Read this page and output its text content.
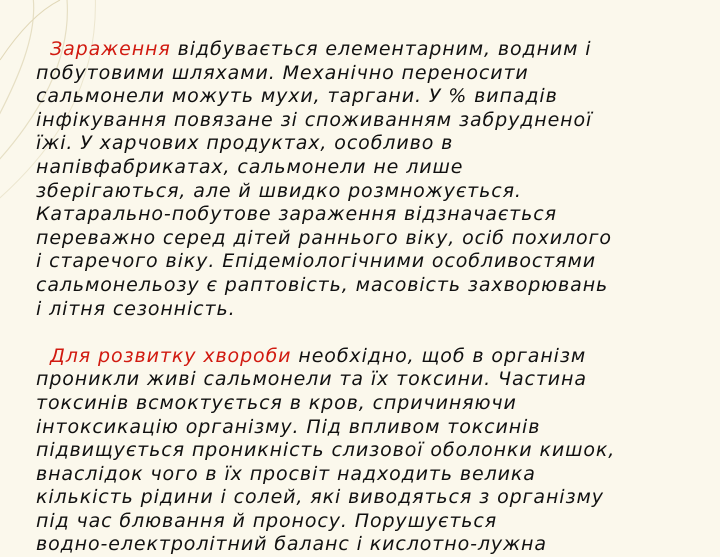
Зараження відбувається елементарним, водним і
побутовими шляхами. Механічно переносити
сальмонели можуть мухи, таргани. У % випадів
інфікування повязане зі споживанням забрудненої
їжі. У харчових продуктах, особливо в
напівфабрикатах, сальмонели не лише
зберігаються, але й швидко розмножується.
Катарально-побутове зараження відзначається
переважно серед дітей раннього віку, осіб похилого
і старечого віку. Епідеміологічними особливостями
сальмонельозу є раптовість, масовість захворювань
і літня сезонність.

Для розвитку хвороби необхідно, щоб в організм
проникли живі сальмонели та їх токсини. Частина
токсинів всмоктується в кров, спричиняючи
інтоксикацію організму. Під впливом токсинів
підвищується проникність слизової оболонки кишок,
внаслідок чого в їх просвіт надходить велика
кількість рідини і солей, які виводяться з організму
під час блювання й проносу. Порушується
водно-електролітний баланс і кислотно-лужна
